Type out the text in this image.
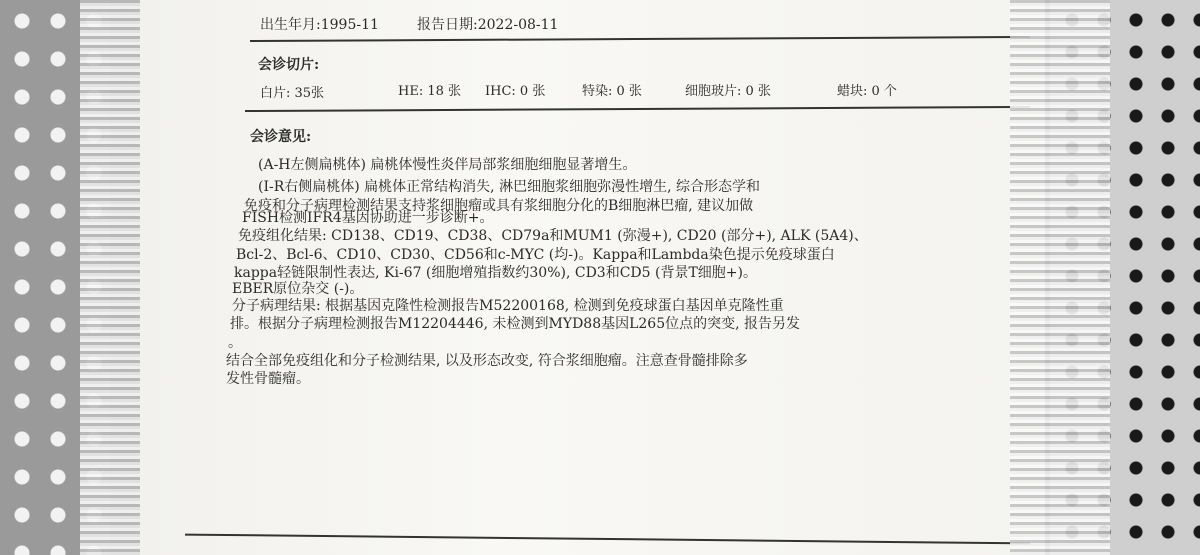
出生年月:1995-11	报告日期:2022-08-11
会诊切片:
白片: 35张	HE: 18 张 IHC: 0 张	特染: 0 张	细胞玻片: 0 张	蜡块: 0 个
会诊意见:
(A-H左侧扁桃体) 扁桃体慢性炎伴局部浆细胞细胞显著增生。
(I-R右侧扁桃体) 扁桃体正常结构消失, 淋巴细胞浆细胞弥漫性增生, 综合形态学和
免疫和分子病理检测结果支持浆细胞瘤或具有浆细胞分化的B细胞淋巴瘤, 建议加做
FISH检测IFR4基因协助进一步诊断+。
免疫组化结果: CD138、CD19、CD38、CD79a和MUM1 (弥漫+), CD20 (部分+), ALK (5A4)、
Bcl-2、Bcl-6、CD10、CD30、CD56和c-MYC (均-)。Kappa和Lambda染色提示免疫球蛋白
kappa轻链限制性表达, Ki-67 (细胞增殖指数约30%), CD3和CD5 (背景T细胞+)。
EBER原位杂交 (-)。
分子病理结果: 根据基因克隆性检测报告M52200168, 检测到免疫球蛋白基因单克隆性重
排。根据分子病理检测报告M12204446, 未检测到MYD88基因L265位点的突变, 报告另发
。
结合全部免疫组化和分子检测结果, 以及形态改变, 符合浆细胞瘤。注意查骨髓排除多
发性骨髓瘤。
